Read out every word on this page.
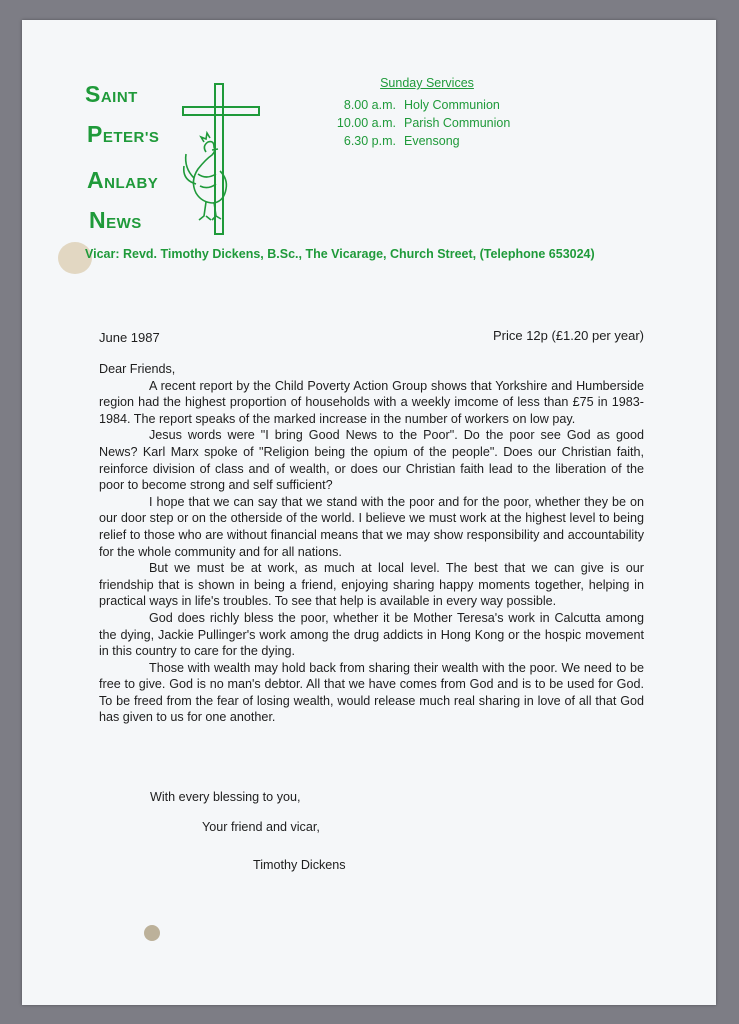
SAINT
PETER'S
ANLABY
NEWS
Sunday Services
8.00 a.m. Holy Communion
10.00 a.m. Parish Communion
6.30 p.m. Evensong
Vicar: Revd. Timothy Dickens, B.Sc., The Vicarage, Church Street, (Telephone 653024)
June 1987	Price 12p (£1.20 per year)

Dear Friends,

A recent report by the Child Poverty Action Group shows that Yorkshire and Humberside region had the highest proportion of households with a weekly imcome of less than £75 in 1983-1984. The report speaks of the marked increase in the number of workers on low pay.

Jesus words were "I bring Good News to the Poor". Do the poor see God as good News? Karl Marx spoke of "Religion being the opium of the people". Does our Christian faith, reinforce division of class and of wealth, or does our Christian faith lead to the liberation of the poor to become strong and self sufficient?

I hope that we can say that we stand with the poor and for the poor, whether they be on our door step or on the otherside of the world. I believe we must work at the highest level to being relief to those who are without financial means that we may show responsibility and accountability for the whole community and for all nations.

But we must be at work, as much at local level. The best that we can give is our friendship that is shown in being a friend, enjoying sharing happy moments together, helping in practical ways in life's troubles. To see that help is available in every way possible.

God does richly bless the poor, whether it be Mother Teresa's work in Calcutta among the dying, Jackie Pullinger's work among the drug addicts in Hong Kong or the hospic movement in this country to care for the dying.

Those with wealth may hold back from sharing their wealth with the poor. We need to be free to give. God is no man's debtor. All that we have comes from God and is to be used for God. To be freed from the fear of losing wealth, would release much real sharing in love of all that God has given to us for one another.

With every blessing to you,
Your friend and vicar,
Timothy Dickens
